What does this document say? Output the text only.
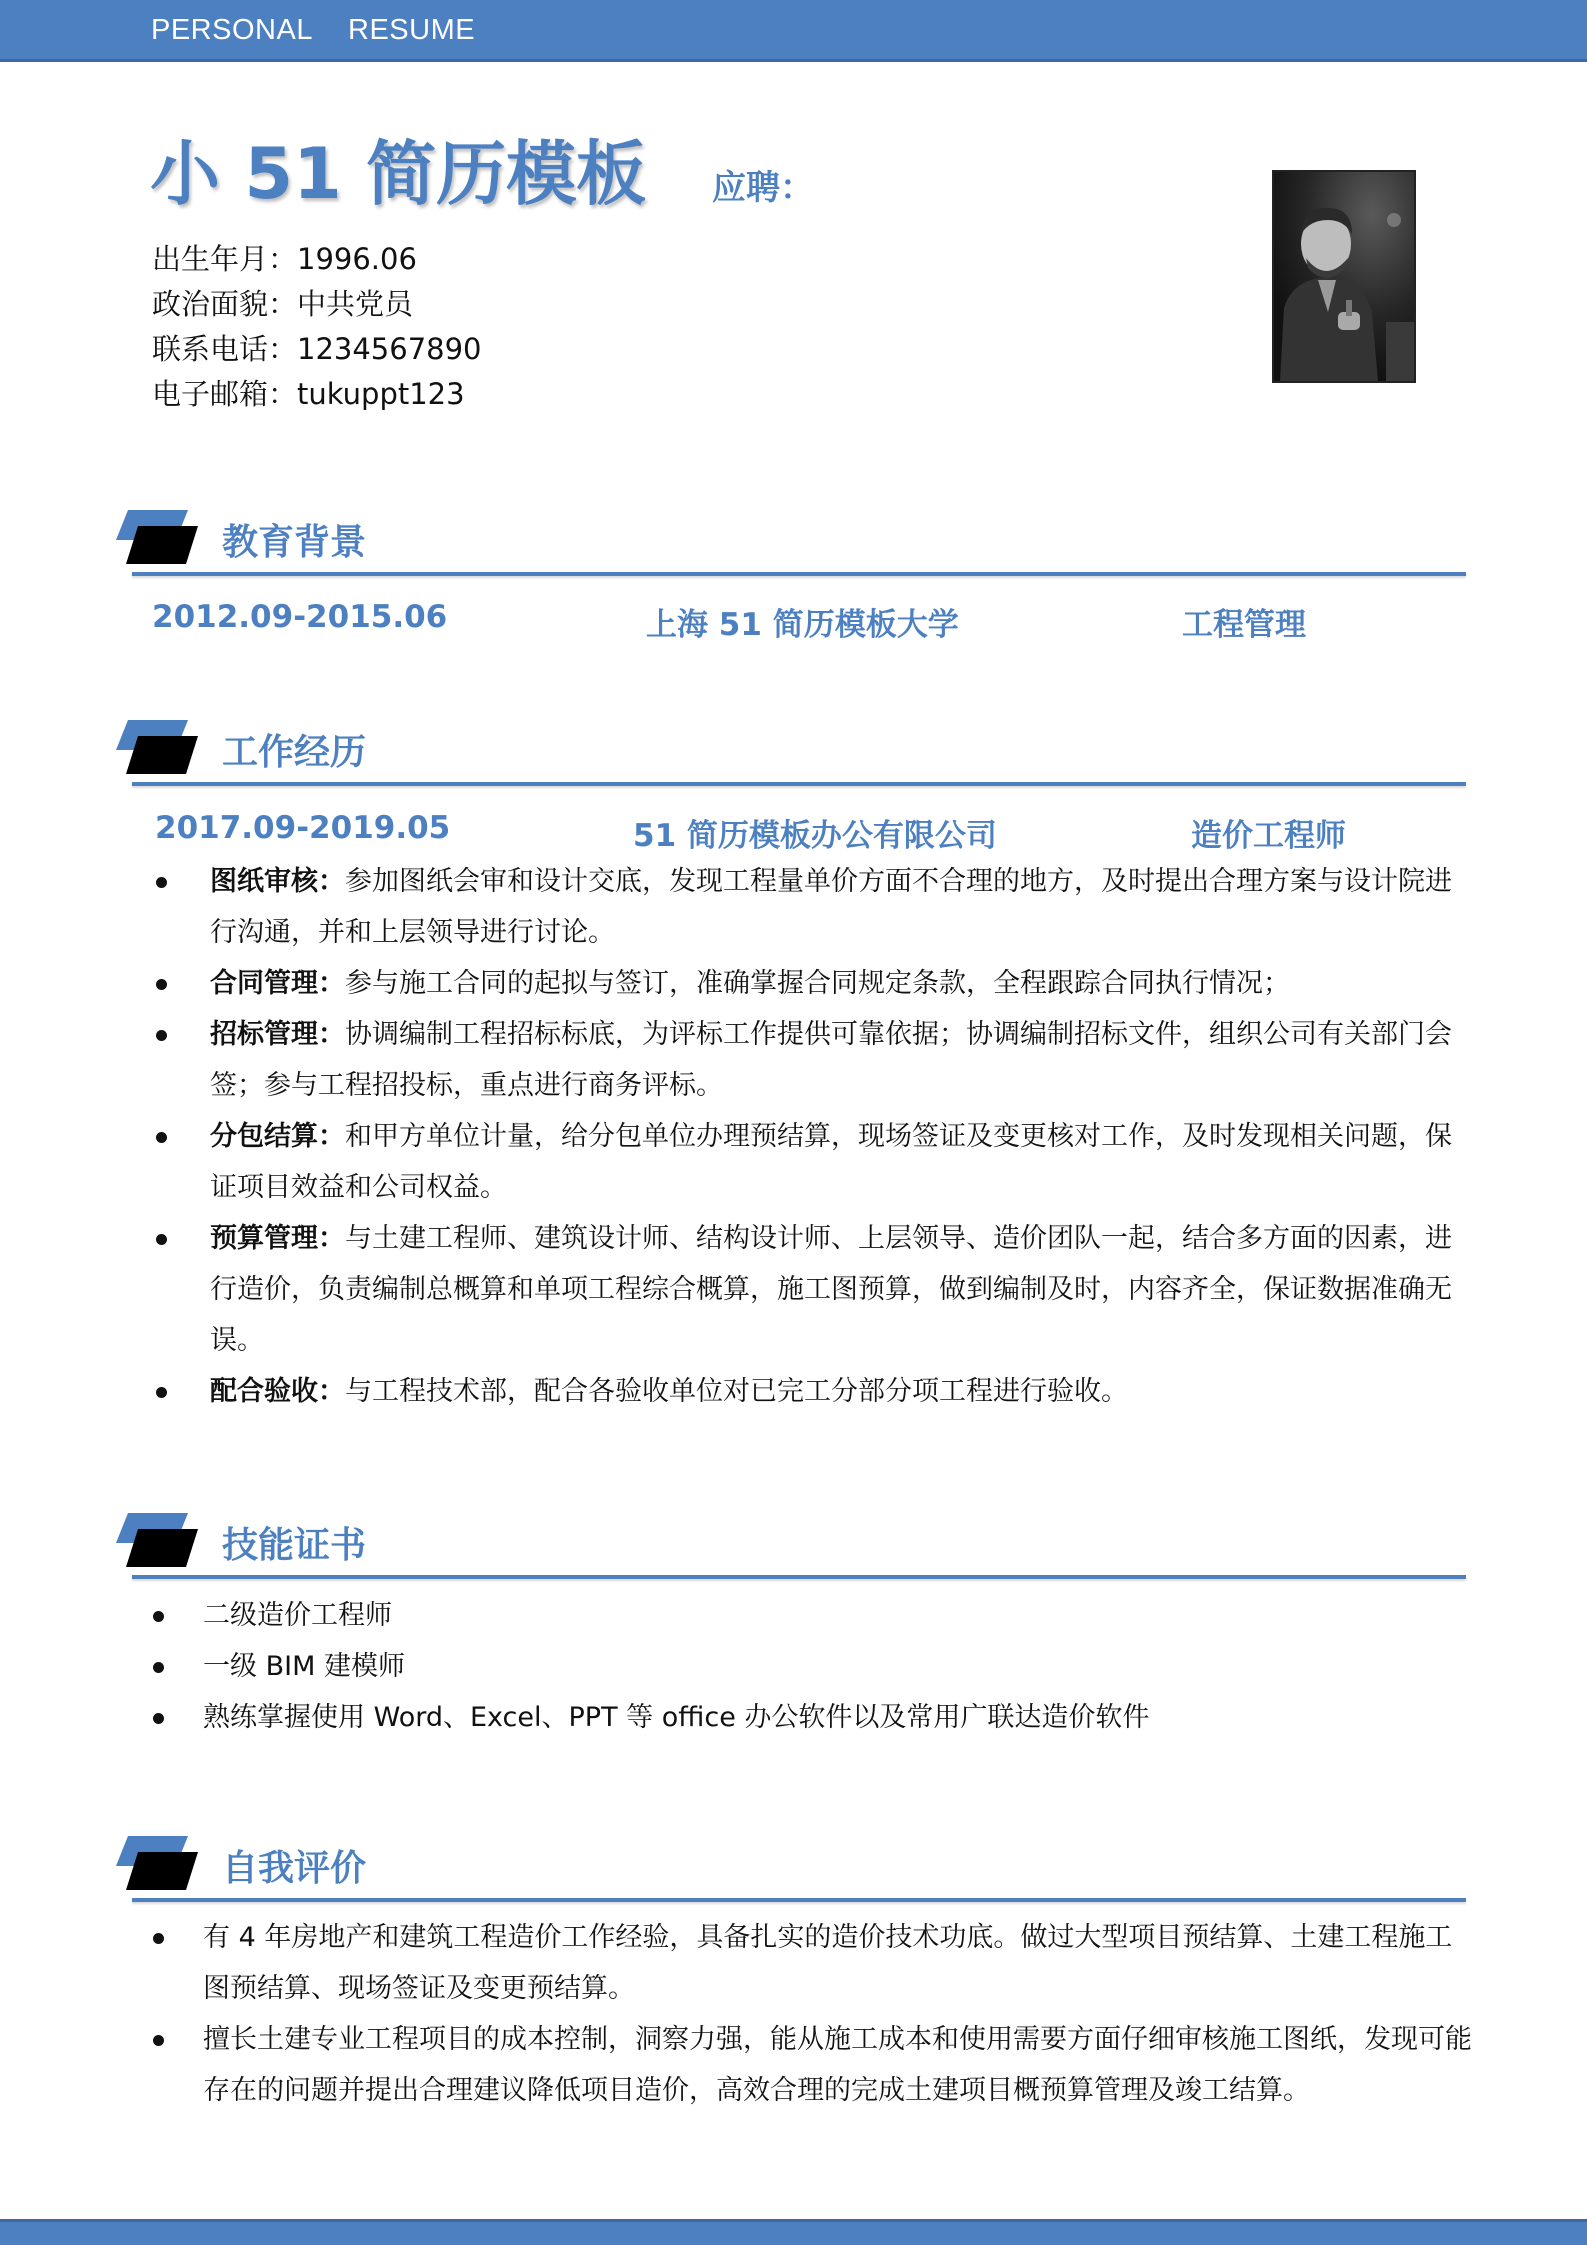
PERSONAL RESUME
小 51 简历模板 应聘：
出生年月：1996.06
政治面貌：中共党员
联系电话：1234567890
电子邮箱：tukuppt123
教育背景
2012.09-2015.06	上海 51 简历模板大学	工程管理
工作经历
2017.09-2019.05	51 简历模板办公有限公司	造价工程师
图纸审核：参加图纸会审和设计交底，发现工程量单价方面不合理的地方，及时提出合理方案与设计院进行沟通，并和上层领导进行讨论。
合同管理：参与施工合同的起拟与签订，准确掌握合同规定条款，全程跟踪合同执行情况；
招标管理：协调编制工程招标标底，为评标工作提供可靠依据；协调编制招标文件，组织公司有关部门会签；参与工程招投标，重点进行商务评标。
分包结算：和甲方单位计量，给分包单位办理预结算，现场签证及变更核对工作，及时发现相关问题，保证项目效益和公司权益。
预算管理：与土建工程师、建筑设计师、结构设计师、上层领导、造价团队一起，结合多方面的因素，进行造价，负责编制总概算和单项工程综合概算，施工图预算，做到编制及时，内容齐全，保证数据准确无误。
配合验收：与工程技术部，配合各验收单位对已完工分部分项工程进行验收。
技能证书
二级造价工程师
一级 BIM 建模师
熟练掌握使用 Word、Excel、PPT 等 office 办公软件以及常用广联达造价软件
自我评价
有 4 年房地产和建筑工程造价工作经验，具备扎实的造价技术功底。做过大型项目预结算、土建工程施工图预结算、现场签证及变更预结算。
擅长土建专业工程项目的成本控制，洞察力强，能从施工成本和使用需要方面仔细审核施工图纸，发现可能存在的问题并提出合理建议降低项目造价，高效合理的完成土建项目概预算管理及竣工结算。
